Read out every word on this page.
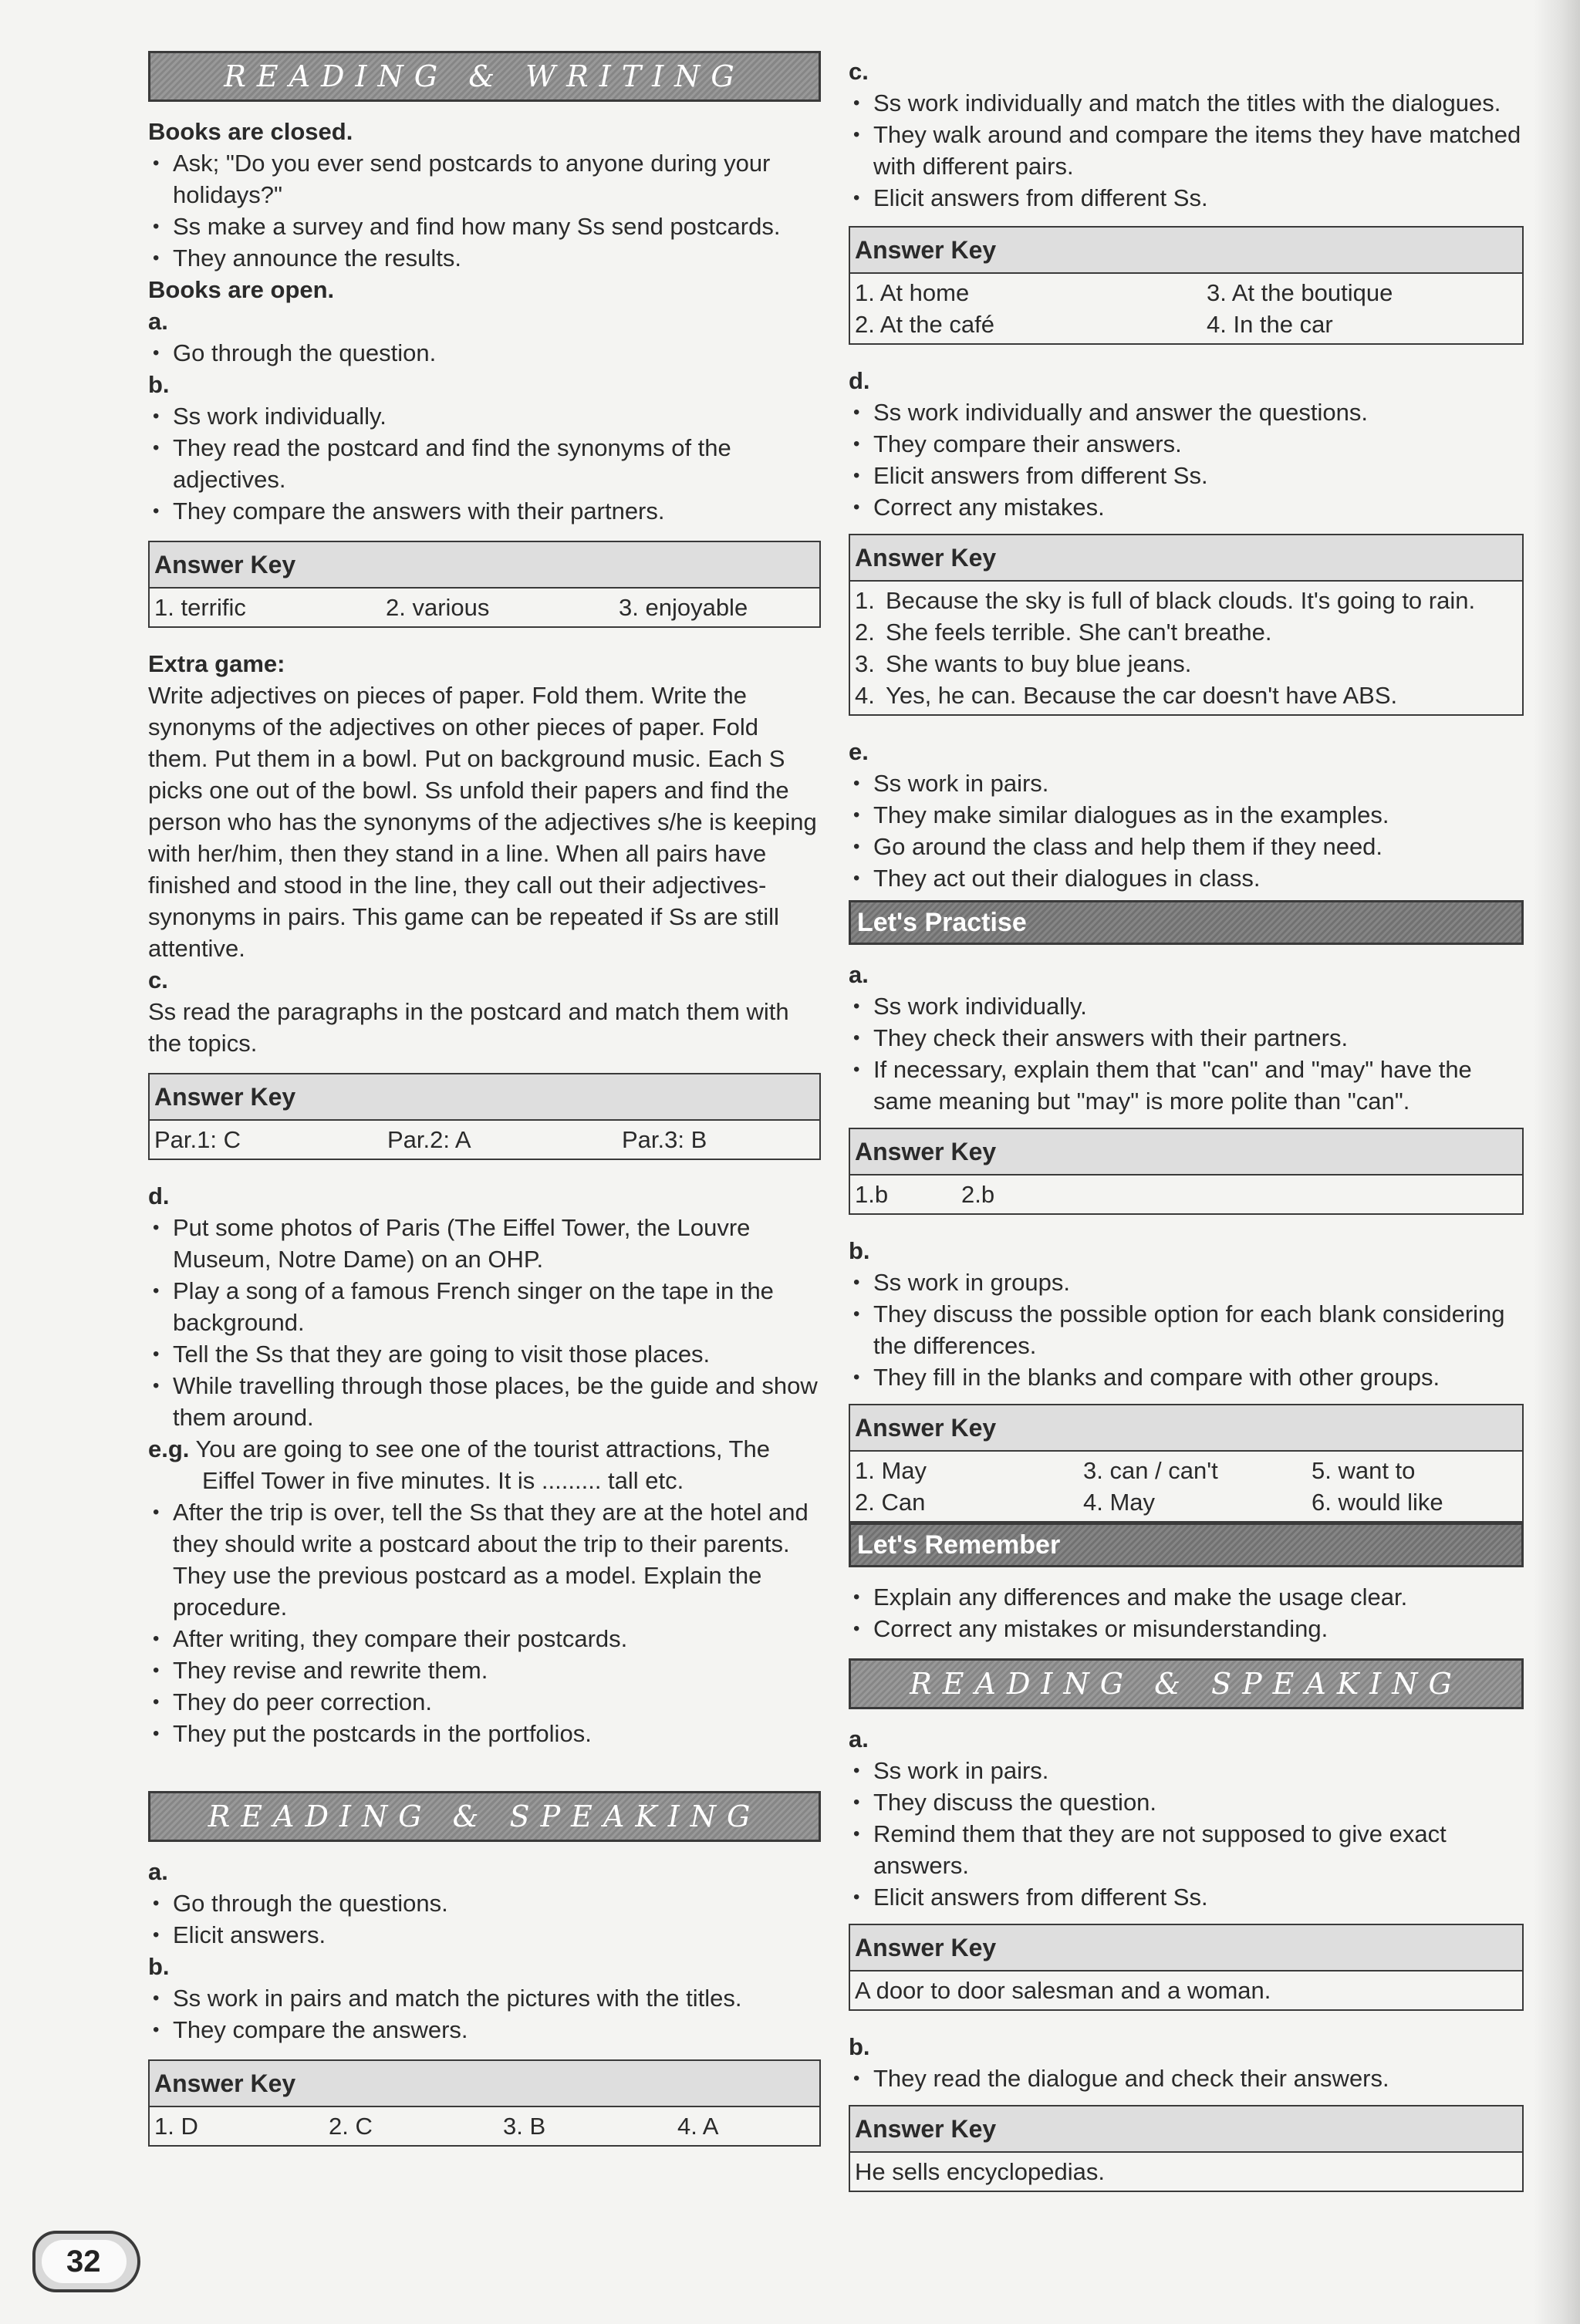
READING & WRITING

Books are closed.

• Ask; "Do you ever send postcards to anyone during your holidays?"
• Ss make a survey and find how many Ss send postcards.
• They announce the results.

Books are open.

a.

• Go through the question.

b.

• Ss work individually.
• They read the postcard and find the synonyms of the adjectives.
• They compare the answers with their partners.
Answer Key
1. terrific	2. various	3. enjoyable

Extra game:

Write adjectives on pieces of paper. Fold them. Write the synonyms of the adjectives on other pieces of paper. Fold them. Put them in a bowl. Put on background music. Each S picks one out of the bowl. Ss unfold their papers and find the person who has the synonyms of the adjectives s/he is keeping with her/him, then they stand in a line. When all pairs have finished and stood in the line, they call out their adjectives-synonyms in pairs. This game can be repeated if Ss are still attentive.

c.

Ss read the paragraphs in the postcard and match them with the topics.

Answer Key
Par.1: C	Par.2: A	Par.3: B

d.

• Put some photos of Paris (The Eiffel Tower, the Louvre Museum, Notre Dame) on an OHP.
• Play a song of a famous French singer on the tape in the background.
• Tell the Ss that they are going to visit those places.
• While travelling through those places, be the guide and show them around.
e.g. You are going to see one of the tourist attractions, The Eiffel Tower in five minutes. It is ......... tall etc.
• After the trip is over, tell the Ss that they are at the hotel and they should write a postcard about the trip to their parents. They use the previous postcard as a model. Explain the procedure.
• After writing, they compare their postcards.
• They revise and rewrite them.
• They do peer correction.
• They put the postcards in the portfolios.
READING & SPEAKING

a.

• Go through the questions.
• Elicit answers.

b.

• Ss work in pairs and match the pictures with the titles.
• They compare the answers.
Answer Key
1. D	2. C	3. B	4. A

c.

• Ss work individually and match the titles with the dialogues.
• They walk around and compare the items they have matched with different pairs.
• Elicit answers from different Ss.
Answer Key
1. At home	3. At the boutique
2. At the café	4. In the car

d.

• Ss work individually and answer the questions.
• They compare their answers.
• Elicit answers from different Ss.
• Correct any mistakes.
Answer Key
1. Because the sky is full of black clouds. It's going to rain.
2. She feels terrible. She can't breathe.
3. She wants to buy blue jeans.
4. Yes, he can. Because the car doesn't have ABS.

e.

• Ss work in pairs.
• They make similar dialogues as in the examples.
• Go around the class and help them if they need.
• They act out their dialogues in class.
Let's Practise

a.

• Ss work individually.
• They check their answers with their partners.
• If necessary, explain them that "can" and "may" have the same meaning but "may" is more polite than "can".
Answer Key
1.b	2.b

b.

• Ss work in groups.
• They discuss the possible option for each blank considering the differences.
• They fill in the blanks and compare with other groups.
Answer Key
1. May	3. can / can't	5. want to
2. Can	4. May	6. would like
Let's Remember
• Explain any differences and make the usage clear.
• Correct any mistakes or misunderstanding.
READING & SPEAKING

a.

• Ss work in pairs.
• They discuss the question.
• Remind them that they are not supposed to give exact answers.
• Elicit answers from different Ss.
Answer Key
A door to door salesman and a woman.

b.

• They read the dialogue and check their answers.
Answer Key
He sells encyclopedias.
32
